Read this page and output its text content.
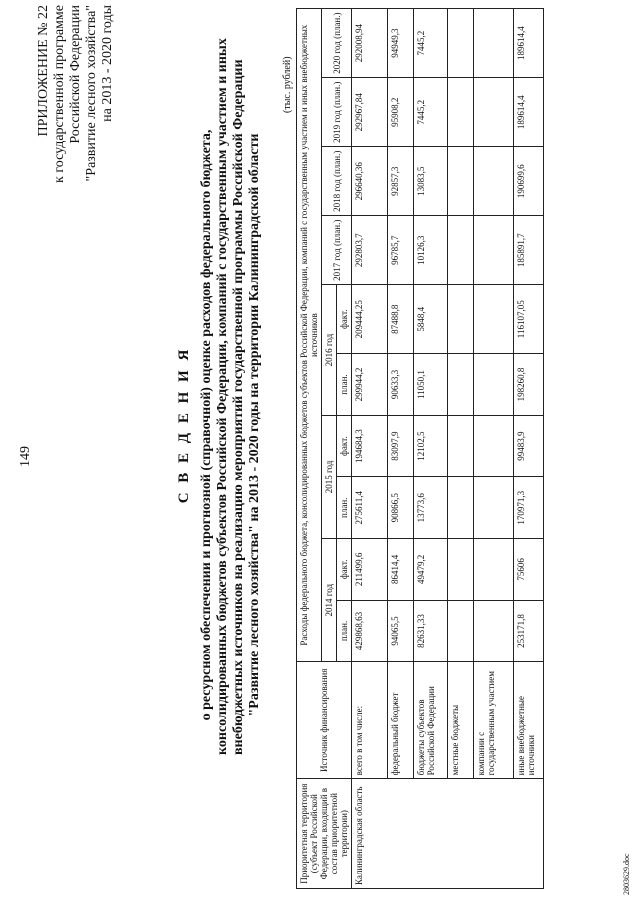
2803629.doc
149
ПРИЛОЖЕНИЕ № 22 к государственной программе Российской Федерации "Развитие лесного хозяйства" на 2013 - 2020 годы
С В Е Д Е Н И Я о ресурсном обеспечении и прогнозной (справочной) оценке расходов федерального бюджета, консолидированных бюджетов субъектов Российской Федерации, компаний с государственным участием и иных внебюджетных источников на реализацию мероприятий государственной программы Российской Федерации "Развитие лесного хозяйства" на 2013 - 2020 годы на территории Калининградской области
(тыс. рублей)
Приоритетная территория (субъект Российской Федерации, входящий в состав приоритетной территории)	Источник финансирования	Расходы федерального бюджета, консолидированных бюджетов субъектов Российской Федерации, компаний с государственным участием и иных внебюджетных источников									
		2014 год		2015 год		2016 год		2017 год (план.)	2018 год (план.)	2019 год (план.)	2020 год (план.)
		план.	факт.	план.	факт.	план.	факт.				
Калининградская область	всего в том числе:	429868,63	211499,6	275611,4	194684,3	299944,2	209444,25	292803,7	296640,36	292967,84	292008,94
	федеральный бюджет	94065,5	86414,4	90866,5	83097,9	90633,3	87488,8	96785,7	92857,3	95908,2	94949,3
	бюджеты субъектов Российской Федерации	82631,33	49479,2	13773,6	12102,5	11050,1	5848,4	10126,3	13083,5	7445,2	7445,2
	местные бюджеты										
	компании с государственным участием										
	иные внебюджетные источники	253171,8	75606	170971,3	99483,9	198260,8	116107,05	185891,7	190699,6	189614,4	189614,4
